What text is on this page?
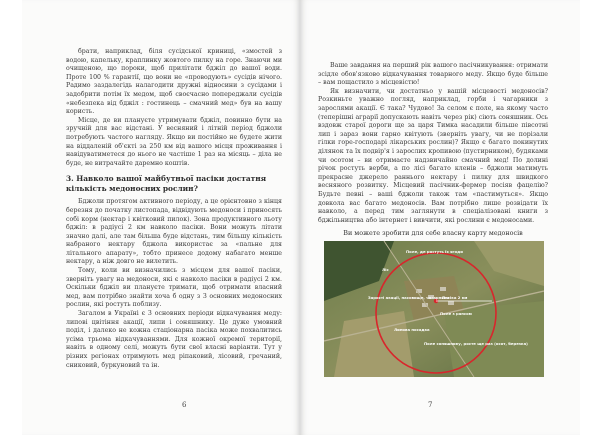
брати, наприклад, біля сусідської криниці, «змостей з водою, капельку, краплинку жовтого пилку на горе. Знаючи ми очищеною, що пороки, щоб прилітати бджіл до вашої води. Проте 100 % гарантії, що вони не «проводують» сусідів нічого. Радимо заздалегідь налагодити дружні відносини з сусідами і задобрити потім їх медом, щоб своєчасно попереджали сусідів «небезпека від бджіл : гостинець – смачний мед» був на вашу користь.

Місце, де ви плануєте утримувати бджіл, повинно бути на зручній для вас відстані. У весняний і літній період бджоли потребують частого нагляду. Якщо ви постійно не будете жити на віддаленій об'єкті за 250 км від вашого місця проживання і навідуватиметеся до нього не частіше 1 раз на місяць – діла не буде, не витрачайте даремно коштів.

3. Навколо вашої майбутньої пасіки достатня кількість медоносних рослин?

Бджоли протягом активного періоду, а це орієнтовно з кінця березня до початку листопада, відвідують медоноси і приносять собі корм (нектар і квітковий пилок). Зона продуктивного льоту бджіл: в радіусі 2 км навколо пасіки. Вони можуть літати значно далі, але там більша буде відстань, тим більшу кількість набраного нектару бджола використає за «пальне для літального апарату», тобто принесе додому набагато менше нектару, а ніж довго не вилетить.

Тому, коли ви визначились з місцем для вашої пасіки, зверніть увагу на медоноси, які є навколо пасіки в радіусі 2 км. Оскільки бджіл ви плануєте тримати, щоб отримати власний мед, вам потрібно знайти хоча б одну з 3 основних медоносних рослин, які ростуть поблизу.

Загалом в Україні є 3 основних періоди відкачування меду: липові цвітіння акації, липи і соняшнику. Це дуже умовний поділ, і далеко не кожна стаціонарна пасіка може похвалитись усіма трьома відкачуваннями. Для кожної окремої території, навіть в одному селі, можуть бути свої власні варіанти. Тут у різних регіонах отримують мед ріпаковий, лісовий, гречаний, сниковий, буркуновий та ін.

6

Ваше завдання на перший рік вашого пасічникування: отримати зсідле обов'язково відкачування товарного меду. Якщо буде більше – вам пощастило з місцевістю!

Як визначити, чи достатньо у вашій місцевості медоносів? Розкиньте уважно погляд, наприклад, горби і чагарники з зарослями акації. Є така? Чудово! За селом є поле, на якому часто (теперішні аграрії допускають навіть через рік) сіють соняшник. Ось вздовж старої дороги ще за царя Тимка насадили більше півсотні лип і зараз вони гарно квітують (зверніть увагу, чи не порізали гілки горе-господарі лікарських рослин)? Якщо є багато покинутих ділянок та їх подвір'я і зарослих кропивою (пустирником), будяками чи осотом – ви отримаєте надзвичайно смачний мед! По долині річок ростуть верби, а по лісі багато кленів – бджоли матимуть прекрасне джерело раннього нектару і пилку для швидкого весняного розвитку. Місцевий пасічник-фермер посіяв фацелію? Будьте певні – ваші бджоли також там «пастимуться». Якщо довкола вас багато медоносів. Вам потрібно лише розвідати їх навколо, а перед тим заглянути в спеціалізовані книги з бджільництва або інтернет і вивчити, які рослини є медоносами.

Ви можете зробити для себе власну карту медоносів
Поле, де ростуть їх ягоди
Ліс
Зарості акації, пасовище, чагарники
Пасіка 2 км
Поле з рапсом
Липова посадка
Поле соняшнику, росте ще раз (осот, березка)
7
